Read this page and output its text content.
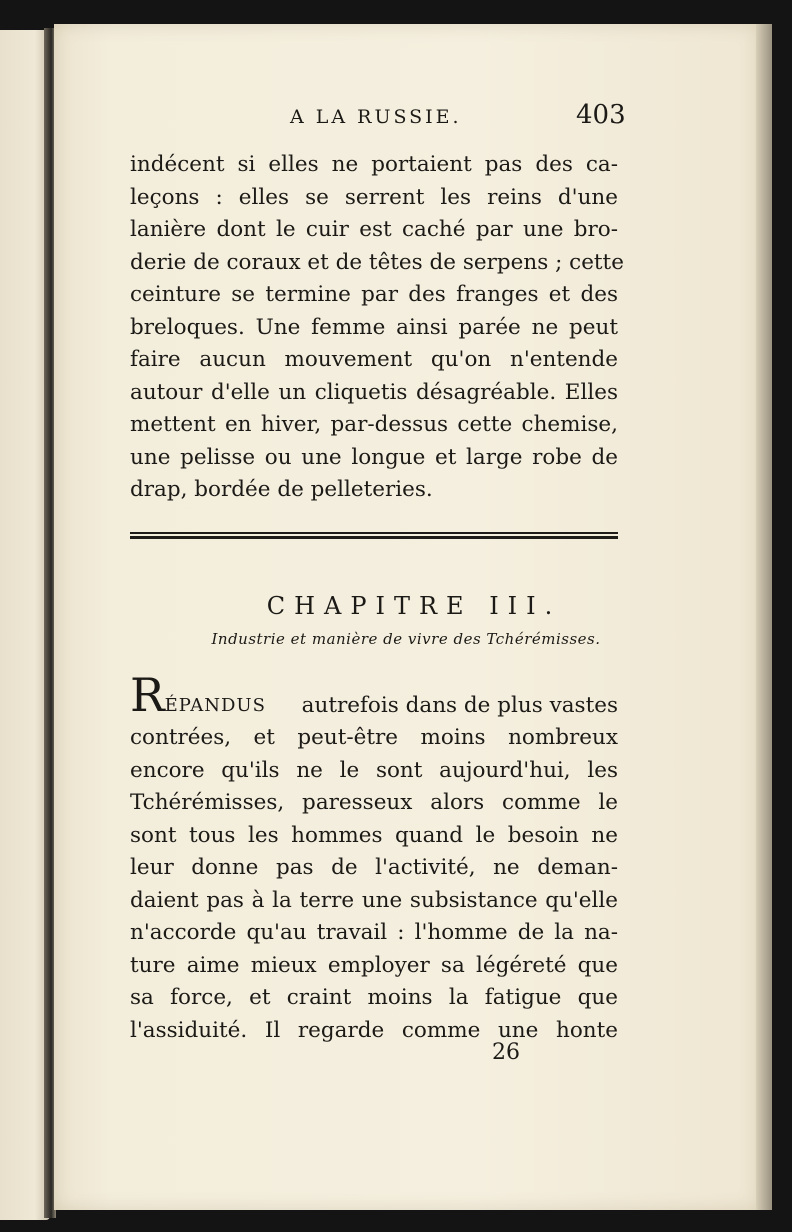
A LA RUSSIE.	403
indécent si elles ne portaient pas des ca-
leçons : elles se serrent les reins d'une
lanière dont le cuir est caché par une bro-
derie de coraux et de têtes de serpens ; cette
ceinture se termine par des franges et des
breloques. Une femme ainsi parée ne peut
faire aucun mouvement qu'on n'entende
autour d'elle un cliquetis désagréable. Elles
mettent en hiver, par-dessus cette chemise,
une pelisse ou une longue et large robe de
drap, bordée de pelleteries.
CHAPITRE III.
Industrie et manière de vivre des Tchérémisses.
RÉPANDUS autrefois dans de plus vastes
contrées, et peut-être moins nombreux
encore qu'ils ne le sont aujourd'hui, les
Tchérémisses, paresseux alors comme le
sont tous les hommes quand le besoin ne
leur donne pas de l'activité, ne deman-
daient pas à la terre une subsistance qu'elle
n'accorde qu'au travail : l'homme de la na-
ture aime mieux employer sa légéreté que
sa force, et craint moins la fatigue que
l'assiduité. Il regarde comme une honte
26
